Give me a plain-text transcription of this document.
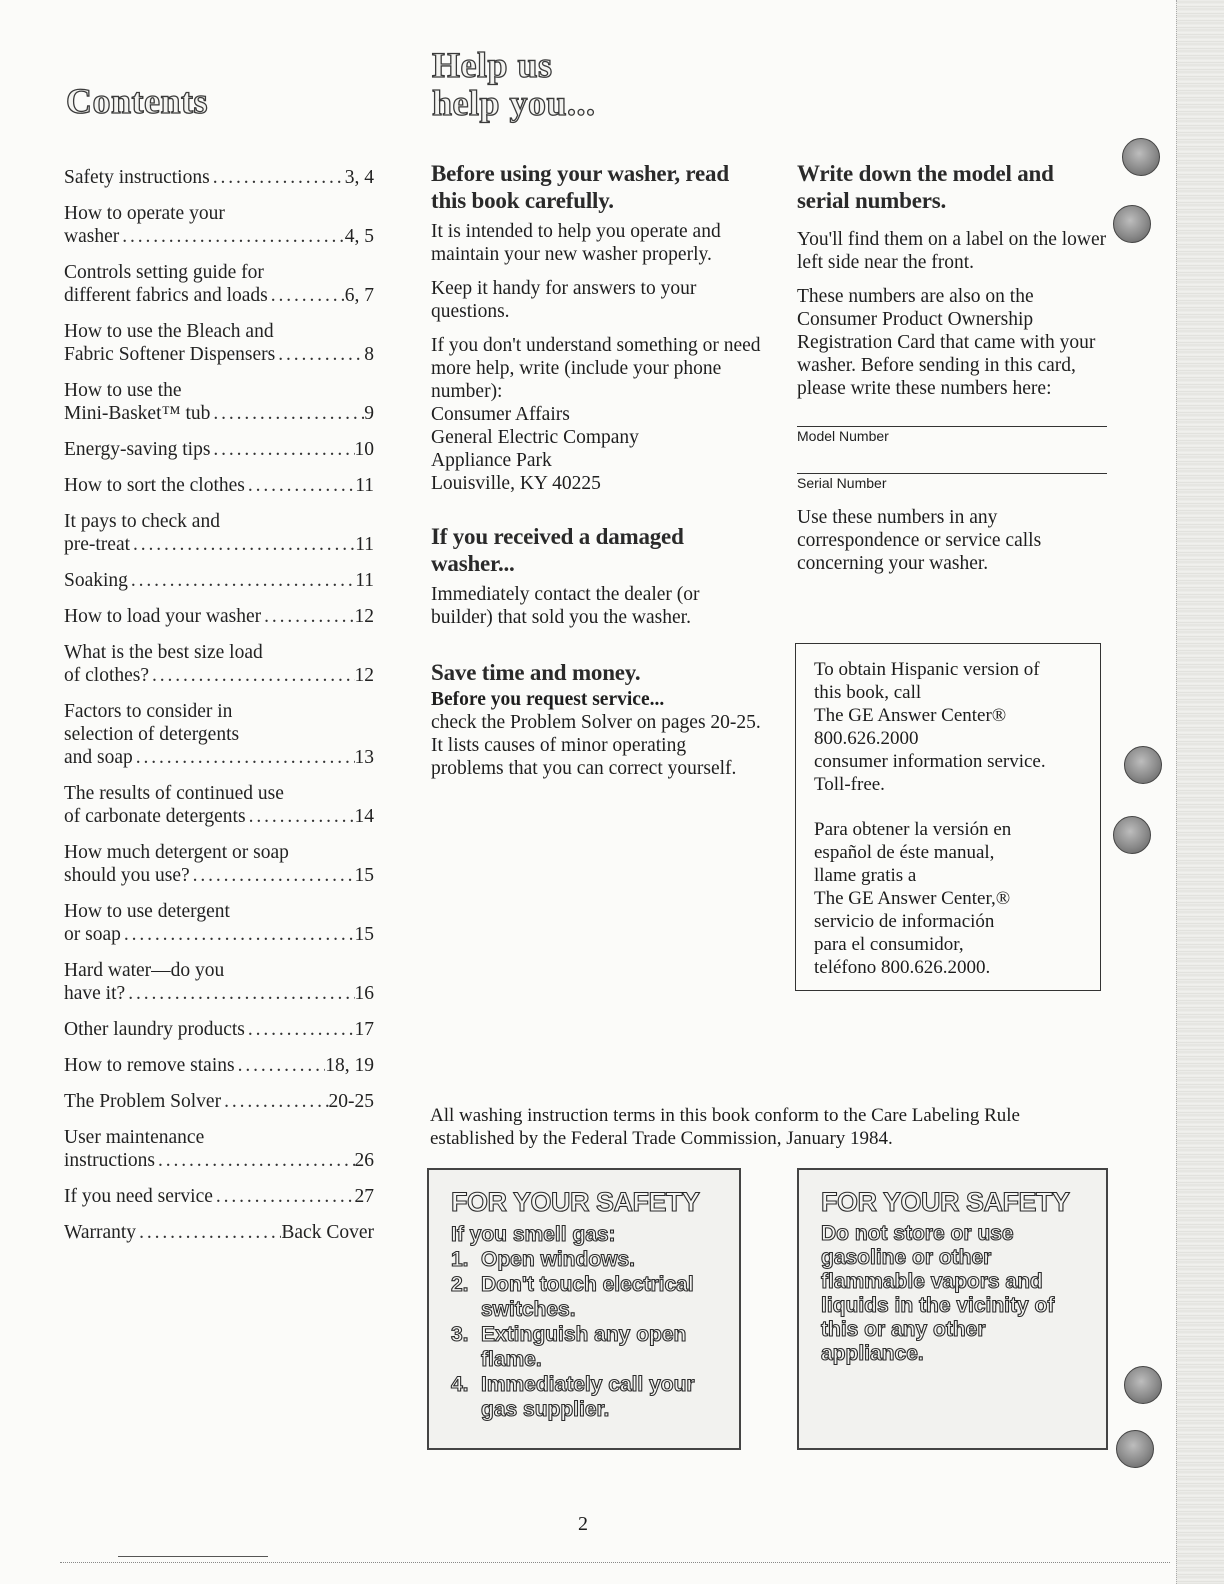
Contents
Help us
help you...
Safety instructions . . .	3, 4
How to operate your
washer . . .	4, 5
Controls setting guide for
different fabrics and loads . . .	6, 7
How to use the Bleach and
Fabric Softener Dispensers . . .	8
How to use the
Mini-Basket™ tub . . .	9
Energy-saving tips . . .	10
How to sort the clothes . . .	11
It pays to check and
pre-treat . . .	11
Soaking . . .	11
How to load your washer . . .	12
What is the best size load
of clothes? . . .	12
Factors to consider in
selection of detergents
and soap . . .	13
The results of continued use
of carbonate detergents . . .	14
How much detergent or soap
should you use? . . .	15
How to use detergent
or soap . . .	15
Hard water—do you
have it? . . .	16
Other laundry products . . .	17
How to remove stains . . .	18, 19
The Problem Solver . . .	20-25
User maintenance
instructions . . .	26
If you need service . . .	27
Warranty . . .	Back Cover
Before using your washer, read this book carefully.

It is intended to help you operate and maintain your new washer properly.

Keep it handy for answers to your questions.

If you don't understand something or need more help, write (include your phone number):

Consumer Affairs
General Electric Company
Appliance Park
Louisville, KY 40225
If you received a damaged washer...

Immediately contact the dealer (or builder) that sold you the washer.

Save time and money.
Before you request service...

check the Problem Solver on pages 20-25. It lists causes of minor operating problems that you can correct yourself.

Write down the model and serial numbers.

You'll find them on a label on the lower left side near the front.

These numbers are also on the Consumer Product Ownership Registration Card that came with your washer. Before sending in this card, please write these numbers here:

Model Number
Serial Number

Use these numbers in any correspondence or service calls concerning your washer.

To obtain Hispanic version of
this book, call
The GE Answer Center®
800.626.2000
consumer information service.
Toll-free.

Para obtener la versión en
español de éste manual,
llame gratis a
The GE Answer Center,®
servicio de información
para el consumidor,
teléfono 800.626.2000.

All washing instruction terms in this book conform to the Care Labeling Rule established by the Federal Trade Commission, January 1984.
FOR YOUR SAFETY
If you smell gas:
1. Open windows.
2. Don't touch electrical switches.
3. Extinguish any open flame.
4. Immediately call your gas supplier.
FOR YOUR SAFETY
Do not store or use gasoline or other flammable vapors and liquids in the vicinity of this or any other appliance.
2
